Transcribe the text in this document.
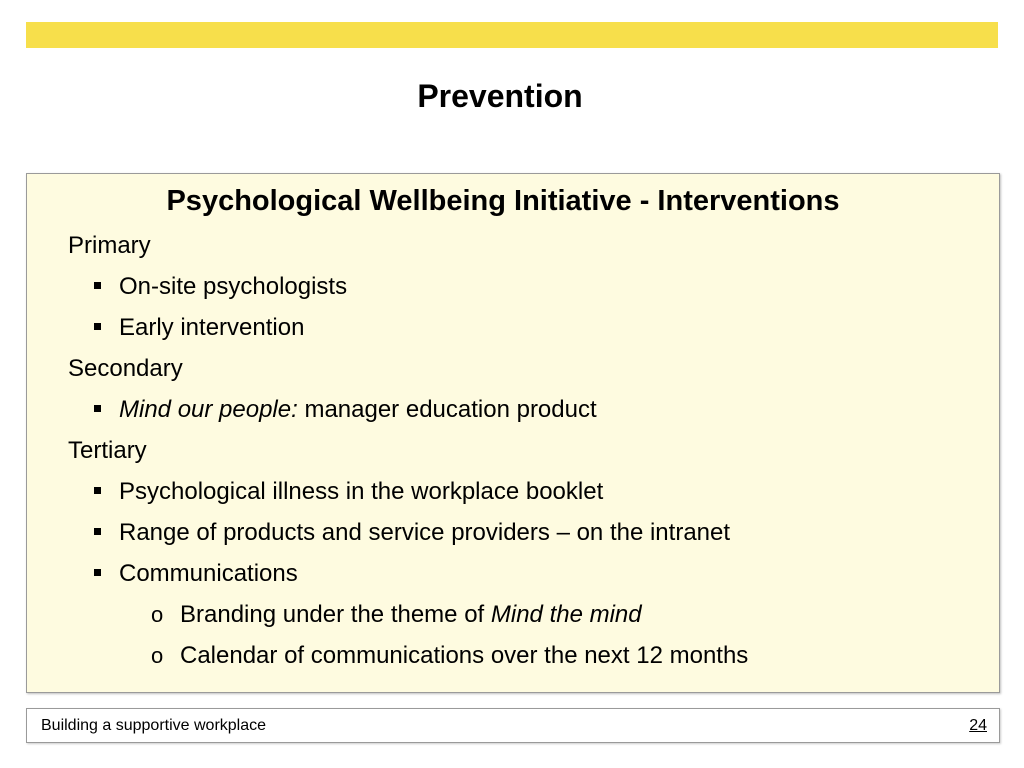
Prevention
Psychological Wellbeing Initiative - Interventions
Primary
On-site psychologists
Early intervention
Secondary
Mind our people: manager education product
Tertiary
Psychological illness in the workplace booklet
Range of products and service providers – on the intranet
Communications
o Branding under the theme of Mind the mind
o Calendar of communications over the next 12 months
Building a supportive workplace	24
